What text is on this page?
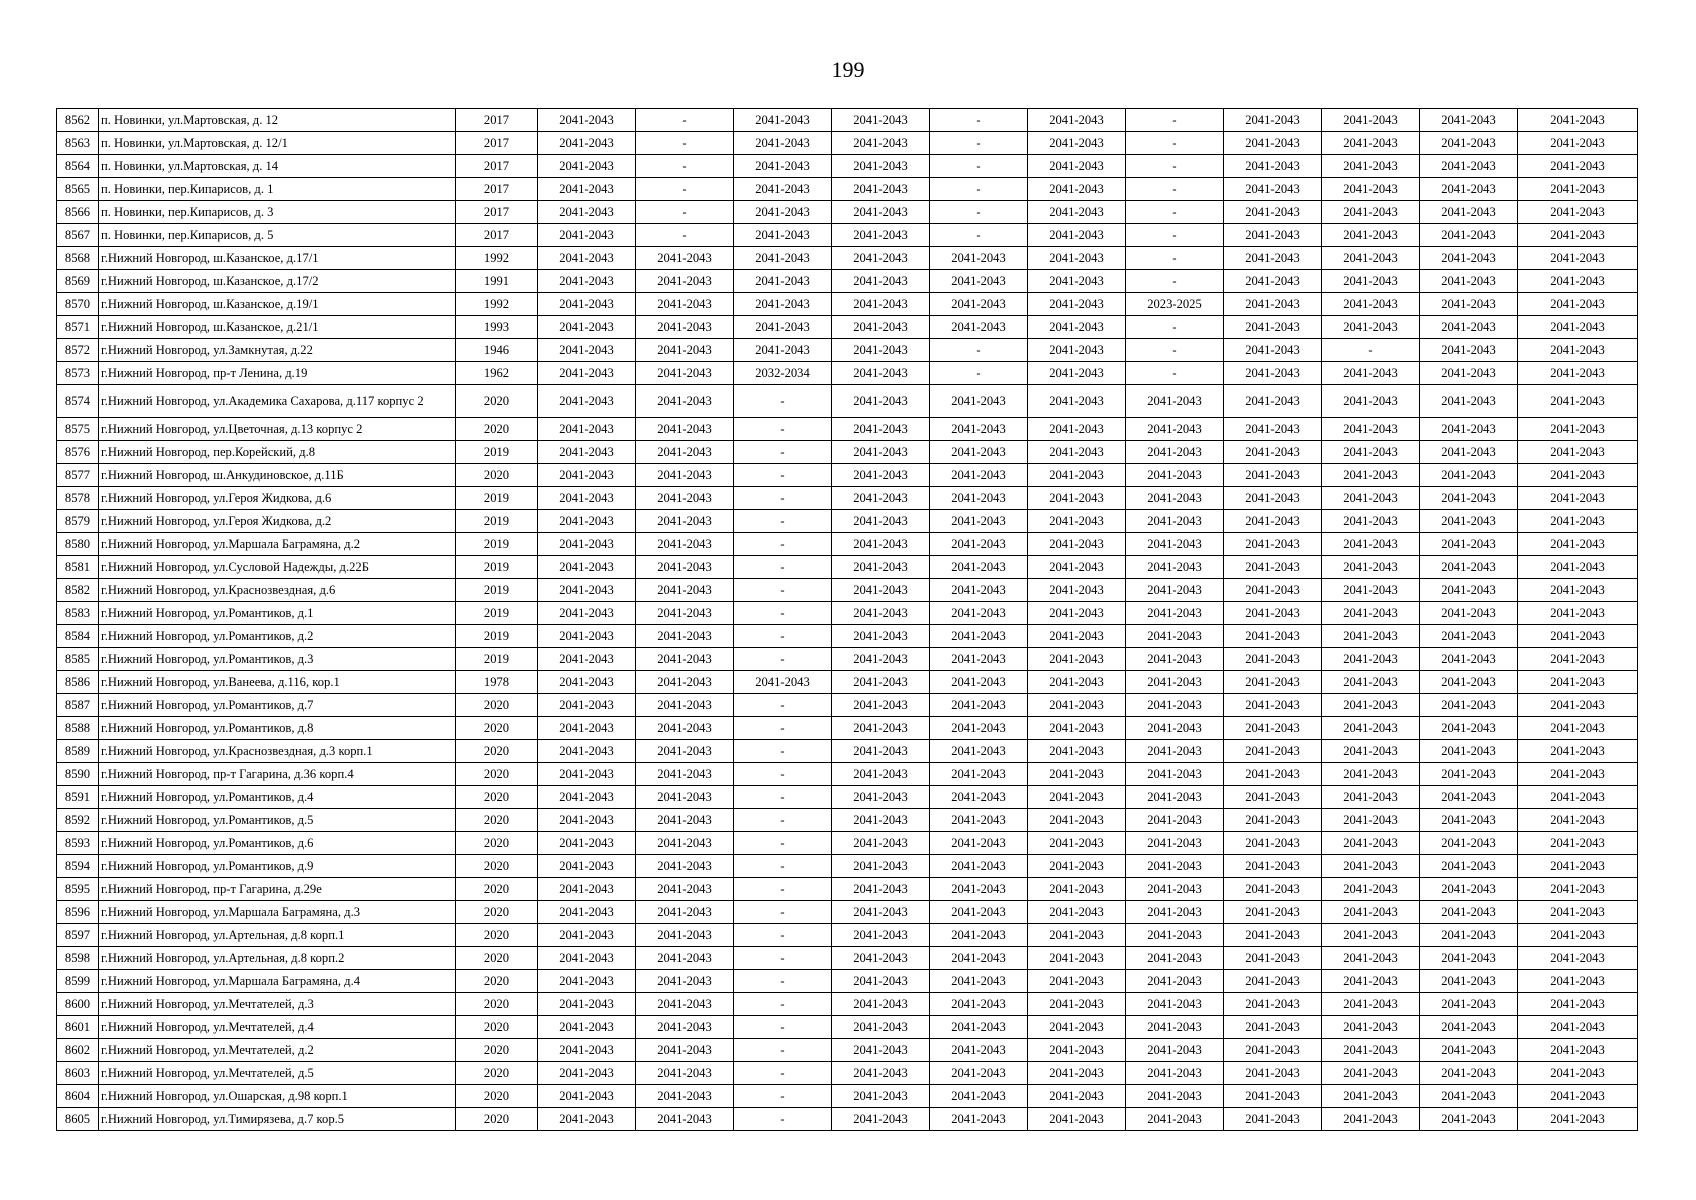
199
8562	п. Новинки, ул.Мартовская, д. 12	2017	2041-2043	-	2041-2043	2041-2043	-	2041-2043	-	2041-2043	2041-2043	2041-2043	2041-2043
8563	п. Новинки, ул.Мартовская, д. 12/1	2017	2041-2043	-	2041-2043	2041-2043	-	2041-2043	-	2041-2043	2041-2043	2041-2043	2041-2043
8564	п. Новинки, ул.Мартовская, д. 14	2017	2041-2043	-	2041-2043	2041-2043	-	2041-2043	-	2041-2043	2041-2043	2041-2043	2041-2043
8565	п. Новинки, пер.Кипарисов, д. 1	2017	2041-2043	-	2041-2043	2041-2043	-	2041-2043	-	2041-2043	2041-2043	2041-2043	2041-2043
8566	п. Новинки, пер.Кипарисов, д. 3	2017	2041-2043	-	2041-2043	2041-2043	-	2041-2043	-	2041-2043	2041-2043	2041-2043	2041-2043
8567	п. Новинки, пер.Кипарисов, д. 5	2017	2041-2043	-	2041-2043	2041-2043	-	2041-2043	-	2041-2043	2041-2043	2041-2043	2041-2043
8568	г.Нижний Новгород, ш.Казанское, д.17/1	1992	2041-2043	2041-2043	2041-2043	2041-2043	2041-2043	2041-2043	-	2041-2043	2041-2043	2041-2043	2041-2043
8569	г.Нижний Новгород, ш.Казанское, д.17/2	1991	2041-2043	2041-2043	2041-2043	2041-2043	2041-2043	2041-2043	-	2041-2043	2041-2043	2041-2043	2041-2043
8570	г.Нижний Новгород, ш.Казанское, д.19/1	1992	2041-2043	2041-2043	2041-2043	2041-2043	2041-2043	2041-2043	2023-2025	2041-2043	2041-2043	2041-2043	2041-2043
8571	г.Нижний Новгород, ш.Казанское, д.21/1	1993	2041-2043	2041-2043	2041-2043	2041-2043	2041-2043	2041-2043	-	2041-2043	2041-2043	2041-2043	2041-2043
8572	г.Нижний Новгород, ул.Замкнутая, д.22	1946	2041-2043	2041-2043	2041-2043	2041-2043	-	2041-2043	-	2041-2043	-	2041-2043	2041-2043
8573	г.Нижний Новгород, пр-т Ленина, д.19	1962	2041-2043	2041-2043	2032-2034	2041-2043	-	2041-2043	-	2041-2043	2041-2043	2041-2043	2041-2043
8574	г.Нижний Новгород, ул.Академика Сахарова, д.117 корпус 2	2020	2041-2043	2041-2043	-	2041-2043	2041-2043	2041-2043	2041-2043	2041-2043	2041-2043	2041-2043	2041-2043
8575	г.Нижний Новгород, ул.Цветочная, д.13 корпус 2	2020	2041-2043	2041-2043	-	2041-2043	2041-2043	2041-2043	2041-2043	2041-2043	2041-2043	2041-2043	2041-2043
8576	г.Нижний Новгород, пер.Корейский, д.8	2019	2041-2043	2041-2043	-	2041-2043	2041-2043	2041-2043	2041-2043	2041-2043	2041-2043	2041-2043	2041-2043
8577	г.Нижний Новгород, ш.Анкудиновское, д.11Б	2020	2041-2043	2041-2043	-	2041-2043	2041-2043	2041-2043	2041-2043	2041-2043	2041-2043	2041-2043	2041-2043
8578	г.Нижний Новгород, ул.Героя Жидкова, д.6	2019	2041-2043	2041-2043	-	2041-2043	2041-2043	2041-2043	2041-2043	2041-2043	2041-2043	2041-2043	2041-2043
8579	г.Нижний Новгород, ул.Героя Жидкова, д.2	2019	2041-2043	2041-2043	-	2041-2043	2041-2043	2041-2043	2041-2043	2041-2043	2041-2043	2041-2043	2041-2043
8580	г.Нижний Новгород, ул.Маршала Баграмяна, д.2	2019	2041-2043	2041-2043	-	2041-2043	2041-2043	2041-2043	2041-2043	2041-2043	2041-2043	2041-2043	2041-2043
8581	г.Нижний Новгород, ул.Сусловой Надежды, д.22Б	2019	2041-2043	2041-2043	-	2041-2043	2041-2043	2041-2043	2041-2043	2041-2043	2041-2043	2041-2043	2041-2043
8582	г.Нижний Новгород, ул.Краснозвездная, д.6	2019	2041-2043	2041-2043	-	2041-2043	2041-2043	2041-2043	2041-2043	2041-2043	2041-2043	2041-2043	2041-2043
8583	г.Нижний Новгород, ул.Романтиков, д.1	2019	2041-2043	2041-2043	-	2041-2043	2041-2043	2041-2043	2041-2043	2041-2043	2041-2043	2041-2043	2041-2043
8584	г.Нижний Новгород, ул.Романтиков, д.2	2019	2041-2043	2041-2043	-	2041-2043	2041-2043	2041-2043	2041-2043	2041-2043	2041-2043	2041-2043	2041-2043
8585	г.Нижний Новгород, ул.Романтиков, д.3	2019	2041-2043	2041-2043	-	2041-2043	2041-2043	2041-2043	2041-2043	2041-2043	2041-2043	2041-2043	2041-2043
8586	г.Нижний Новгород, ул.Ванеева, д.116, кор.1	1978	2041-2043	2041-2043	2041-2043	2041-2043	2041-2043	2041-2043	2041-2043	2041-2043	2041-2043	2041-2043	2041-2043
8587	г.Нижний Новгород, ул.Романтиков, д.7	2020	2041-2043	2041-2043	-	2041-2043	2041-2043	2041-2043	2041-2043	2041-2043	2041-2043	2041-2043	2041-2043
8588	г.Нижний Новгород, ул.Романтиков, д.8	2020	2041-2043	2041-2043	-	2041-2043	2041-2043	2041-2043	2041-2043	2041-2043	2041-2043	2041-2043	2041-2043
8589	г.Нижний Новгород, ул.Краснозвездная, д.3 корп.1	2020	2041-2043	2041-2043	-	2041-2043	2041-2043	2041-2043	2041-2043	2041-2043	2041-2043	2041-2043	2041-2043
8590	г.Нижний Новгород, пр-т Гагарина, д.36 корп.4	2020	2041-2043	2041-2043	-	2041-2043	2041-2043	2041-2043	2041-2043	2041-2043	2041-2043	2041-2043	2041-2043
8591	г.Нижний Новгород, ул.Романтиков, д.4	2020	2041-2043	2041-2043	-	2041-2043	2041-2043	2041-2043	2041-2043	2041-2043	2041-2043	2041-2043	2041-2043
8592	г.Нижний Новгород, ул.Романтиков, д.5	2020	2041-2043	2041-2043	-	2041-2043	2041-2043	2041-2043	2041-2043	2041-2043	2041-2043	2041-2043	2041-2043
8593	г.Нижний Новгород, ул.Романтиков, д.6	2020	2041-2043	2041-2043	-	2041-2043	2041-2043	2041-2043	2041-2043	2041-2043	2041-2043	2041-2043	2041-2043
8594	г.Нижний Новгород, ул.Романтиков, д.9	2020	2041-2043	2041-2043	-	2041-2043	2041-2043	2041-2043	2041-2043	2041-2043	2041-2043	2041-2043	2041-2043
8595	г.Нижний Новгород, пр-т Гагарина, д.29е	2020	2041-2043	2041-2043	-	2041-2043	2041-2043	2041-2043	2041-2043	2041-2043	2041-2043	2041-2043	2041-2043
8596	г.Нижний Новгород, ул.Маршала Баграмяна, д.3	2020	2041-2043	2041-2043	-	2041-2043	2041-2043	2041-2043	2041-2043	2041-2043	2041-2043	2041-2043	2041-2043
8597	г.Нижний Новгород, ул.Артельная, д.8 корп.1	2020	2041-2043	2041-2043	-	2041-2043	2041-2043	2041-2043	2041-2043	2041-2043	2041-2043	2041-2043	2041-2043
8598	г.Нижний Новгород, ул.Артельная, д.8 корп.2	2020	2041-2043	2041-2043	-	2041-2043	2041-2043	2041-2043	2041-2043	2041-2043	2041-2043	2041-2043	2041-2043
8599	г.Нижний Новгород, ул.Маршала Баграмяна, д.4	2020	2041-2043	2041-2043	-	2041-2043	2041-2043	2041-2043	2041-2043	2041-2043	2041-2043	2041-2043	2041-2043
8600	г.Нижний Новгород, ул.Мечтателей, д.3	2020	2041-2043	2041-2043	-	2041-2043	2041-2043	2041-2043	2041-2043	2041-2043	2041-2043	2041-2043	2041-2043
8601	г.Нижний Новгород, ул.Мечтателей, д.4	2020	2041-2043	2041-2043	-	2041-2043	2041-2043	2041-2043	2041-2043	2041-2043	2041-2043	2041-2043	2041-2043
8602	г.Нижний Новгород, ул.Мечтателей, д.2	2020	2041-2043	2041-2043	-	2041-2043	2041-2043	2041-2043	2041-2043	2041-2043	2041-2043	2041-2043	2041-2043
8603	г.Нижний Новгород, ул.Мечтателей, д.5	2020	2041-2043	2041-2043	-	2041-2043	2041-2043	2041-2043	2041-2043	2041-2043	2041-2043	2041-2043	2041-2043
8604	г.Нижний Новгород, ул.Ошарская, д.98 корп.1	2020	2041-2043	2041-2043	-	2041-2043	2041-2043	2041-2043	2041-2043	2041-2043	2041-2043	2041-2043	2041-2043
8605	г.Нижний Новгород, ул.Тимирязева, д.7 кор.5	2020	2041-2043	2041-2043	-	2041-2043	2041-2043	2041-2043	2041-2043	2041-2043	2041-2043	2041-2043	2041-2043
